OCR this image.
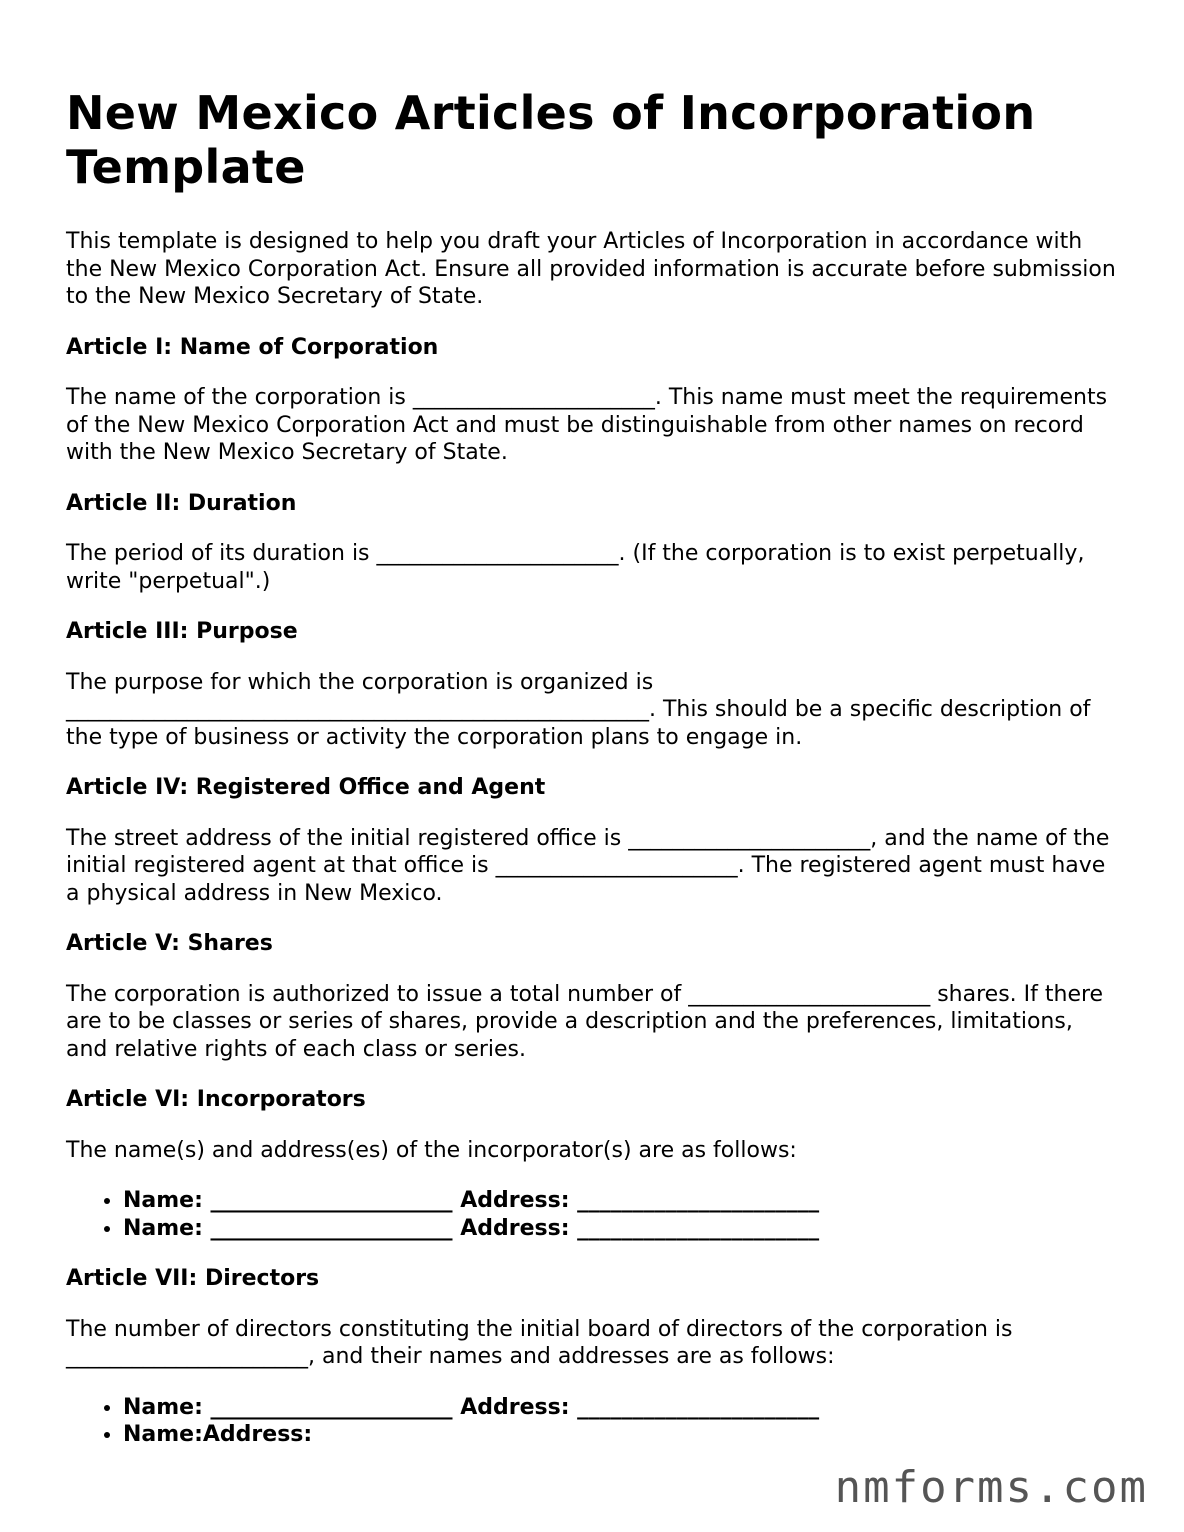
New Mexico Articles of Incorporation Template

This template is designed to help you draft your Articles of Incorporation in accordance with the New Mexico Corporation Act. Ensure all provided information is accurate before submission to the New Mexico Secretary of State.

Article I: Name of Corporation

The name of the corporation is ______________________. This name must meet the requirements of the New Mexico Corporation Act and must be distinguishable from other names on record with the New Mexico Secretary of State.

Article II: Duration

The period of its duration is ______________________. (If the corporation is to exist perpetually, write "perpetual".)

Article III: Purpose

The purpose for which the corporation is organized is _____________________________________________________. This should be a specific description of the type of business or activity the corporation plans to engage in.

Article IV: Registered Office and Agent

The street address of the initial registered office is ______________________, and the name of the initial registered agent at that office is ______________________. The registered agent must have a physical address in New Mexico.

Article V: Shares

The corporation is authorized to issue a total number of ______________________ shares. If there are to be classes or series of shares, provide a description and the preferences, limitations, and relative rights of each class or series.

Article VI: Incorporators

The name(s) and address(es) of the incorporator(s) are as follows:

• Name: ______________________ Address: ______________________
• Name: ______________________ Address: ______________________
Article VII: Directors

The number of directors constituting the initial board of directors of the corporation is ______________________, and their names and addresses are as follows:

• Name: ______________________ Address: ______________________
• Name:Address:
nmforms.com
